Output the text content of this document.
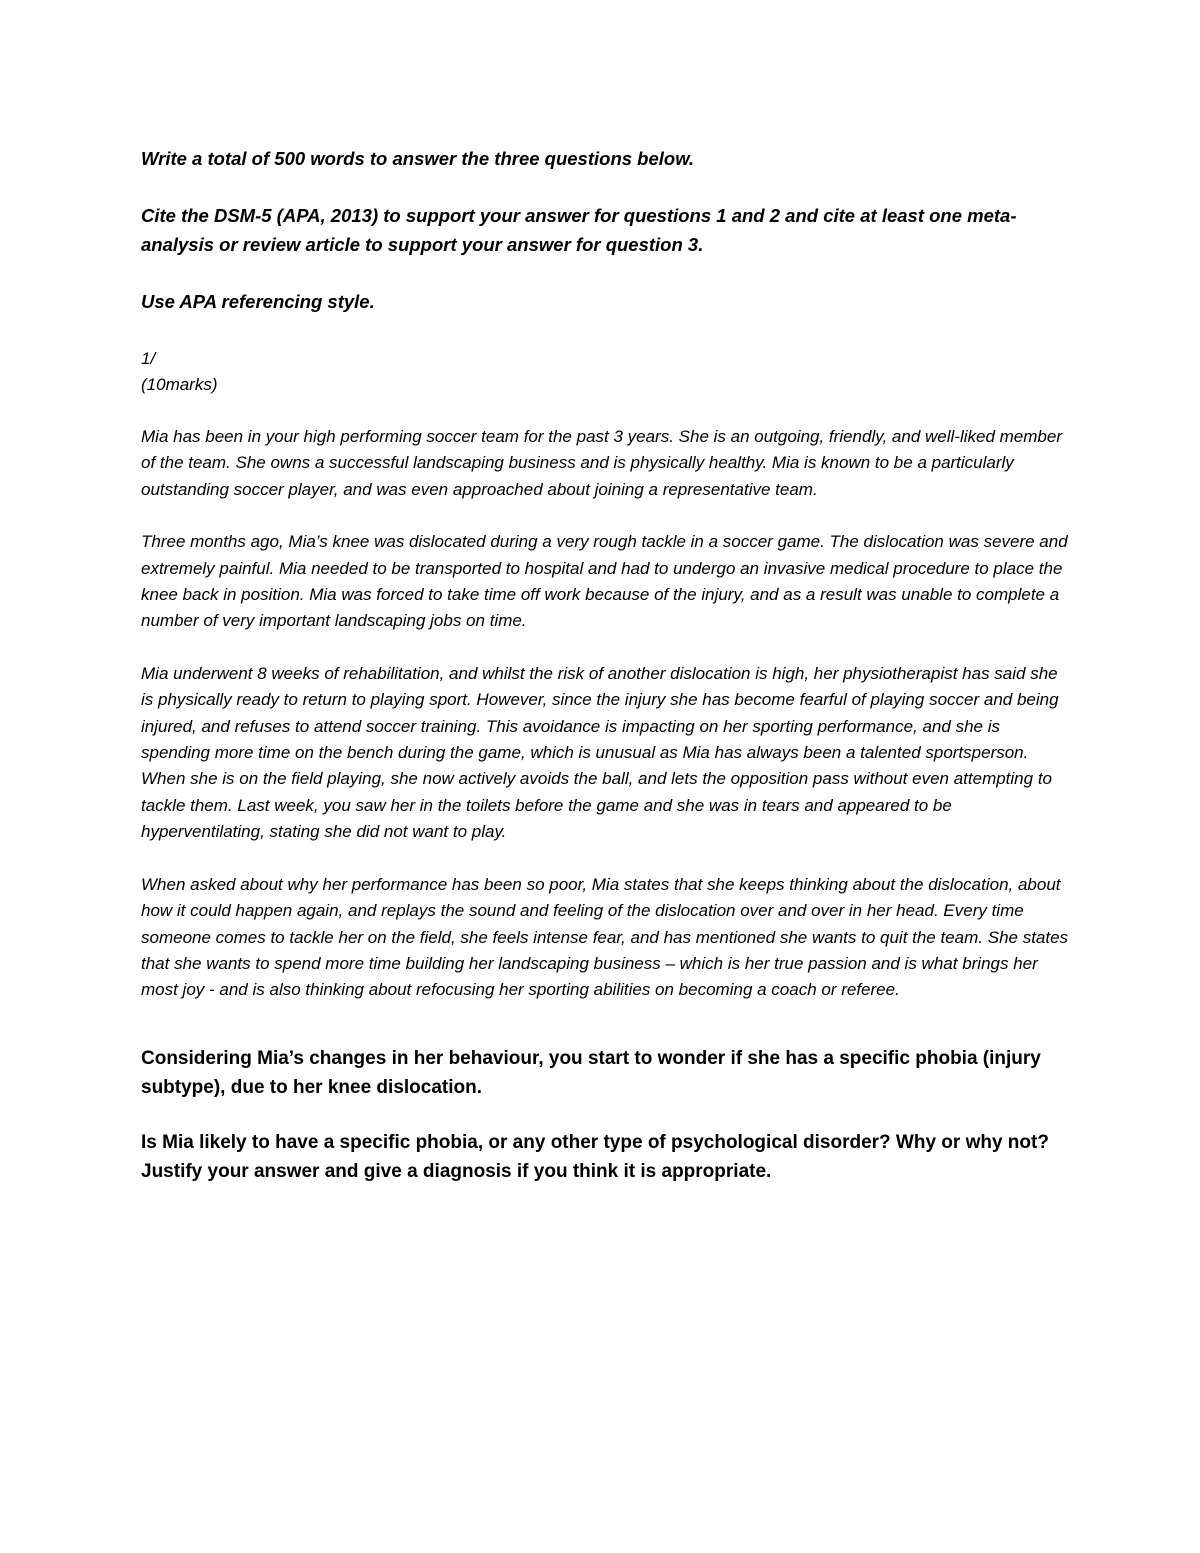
Write a total of 500 words to answer the three questions below.

Cite the DSM-5 (APA, 2013) to support your answer for questions 1 and 2 and cite at least one meta-analysis or review article to support your answer for question 3.

Use APA referencing style.

1/

(10marks)

Mia has been in your high performing soccer team for the past 3 years. She is an outgoing, friendly, and well-liked member of the team. She owns a successful landscaping business and is physically healthy. Mia is known to be a particularly outstanding soccer player, and was even approached about joining a representative team.

Three months ago, Mia’s knee was dislocated during a very rough tackle in a soccer game. The dislocation was severe and extremely painful. Mia needed to be transported to hospital and had to undergo an invasive medical procedure to place the knee back in position. Mia was forced to take time off work because of the injury, and as a result was unable to complete a number of very important landscaping jobs on time.

Mia underwent 8 weeks of rehabilitation, and whilst the risk of another dislocation is high, her physiotherapist has said she is physically ready to return to playing sport. However, since the injury she has become fearful of playing soccer and being injured, and refuses to attend soccer training. This avoidance is impacting on her sporting performance, and she is spending more time on the bench during the game, which is unusual as Mia has always been a talented sportsperson. When she is on the field playing, she now actively avoids the ball, and lets the opposition pass without even attempting to tackle them. Last week, you saw her in the toilets before the game and she was in tears and appeared to be hyperventilating, stating she did not want to play.

When asked about why her performance has been so poor, Mia states that she keeps thinking about the dislocation, about how it could happen again, and replays the sound and feeling of the dislocation over and over in her head. Every time someone comes to tackle her on the field, she feels intense fear, and has mentioned she wants to quit the team. She states that she wants to spend more time building her landscaping business – which is her true passion and is what brings her most joy - and is also thinking about refocusing her sporting abilities on becoming a coach or referee.

Considering Mia’s changes in her behaviour, you start to wonder if she has a specific phobia (injury subtype), due to her knee dislocation.

Is Mia likely to have a specific phobia, or any other type of psychological disorder? Why or why not? Justify your answer and give a diagnosis if you think it is appropriate.
